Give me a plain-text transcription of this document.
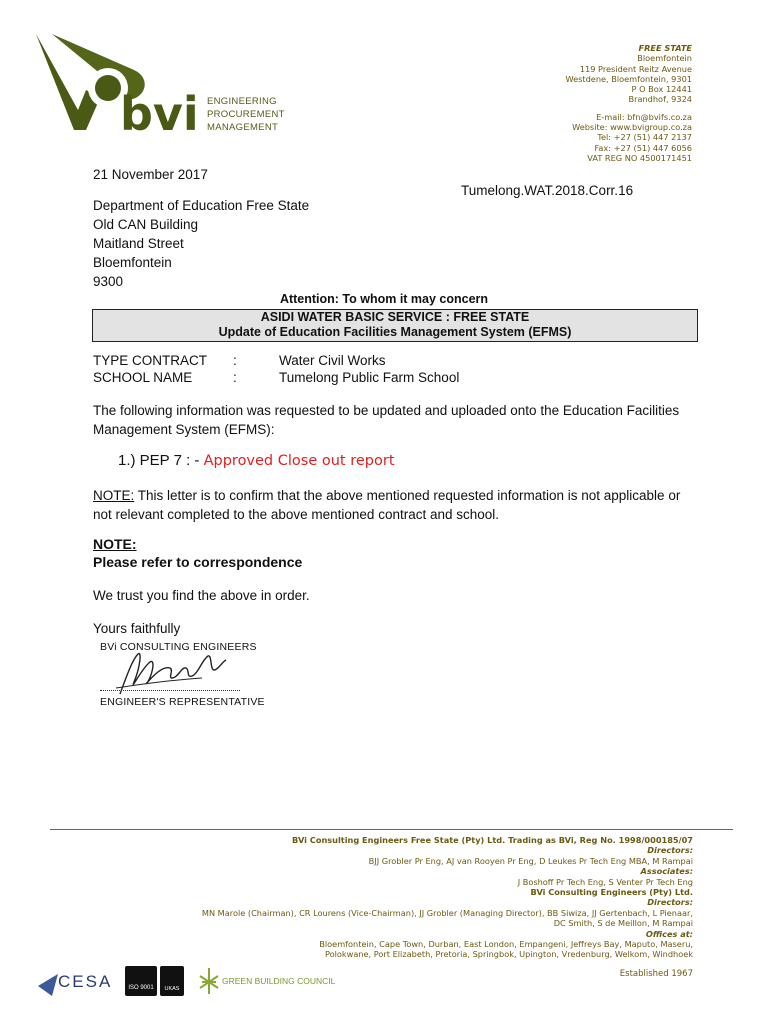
bvi ENGINEERING
PROCUREMENT
MANAGEMENT
FREE STATE
Bloemfontein
119 President Reitz Avenue
Westdene, Bloemfontein, 9301
P O Box 12441
Brandhof, 9324
E-mail: bfn@bvifs.co.za
Website: www.bvigroup.co.za
Tel: +27 (51) 447 2137
Fax: +27 (51) 447 6056
VAT REG NO 4500171451
21 November 2017
Tumelong.WAT.2018.Corr.16
Department of Education Free State
Old CAN Building
Maitland Street
Bloemfontein
9300
Attention: To whom it may concern
ASIDI WATER BASIC SERVICE : FREE STATE
Update of Education Facilities Management System (EFMS)
TYPE CONTRACT	:	Water Civil Works
SCHOOL NAME	:	Tumelong Public Farm School
The following information was requested to be updated and uploaded onto the Education Facilities Management System (EFMS):
1.) PEP 7 : - Approved Close out report
NOTE: This letter is to confirm that the above mentioned requested information is not applicable or not relevant completed to the above mentioned contract and school.
NOTE:
Please refer to correspondence
We trust you find the above in order.
Yours faithfully
BVi CONSULTING ENGINEERS
ENGINEER'S REPRESENTATIVE
BVi Consulting Engineers Free State (Pty) Ltd. Trading as BVi, Reg No. 1998/000185/07
Directors:
BJJ Grobler Pr Eng, AJ van Rooyen Pr Eng, D Leukes Pr Tech Eng MBA, M Rampai
Associates:
J Boshoff Pr Tech Eng, S Venter Pr Tech Eng
BVi Consulting Engineers (Pty) Ltd.
Directors:
MN Marole (Chairman), CR Lourens (Vice-Chairman), JJ Grobler (Managing Director), BB Siwiza, JJ Gertenbach, L Pienaar,
DC Smith, S de Meillon, M Rampai
Offices at:
Bloemfontein, Cape Town, Durban, East London, Empangeni, Jeffreys Bay, Maputo, Maseru,
Polokwane, Port Elizabeth, Pretoria, Springbok, Upington, Vredenburg, Welkom, Windhoek
Established 1967
CESA	ISO 9001	UKAS
GREEN BUILDING COUNCIL
